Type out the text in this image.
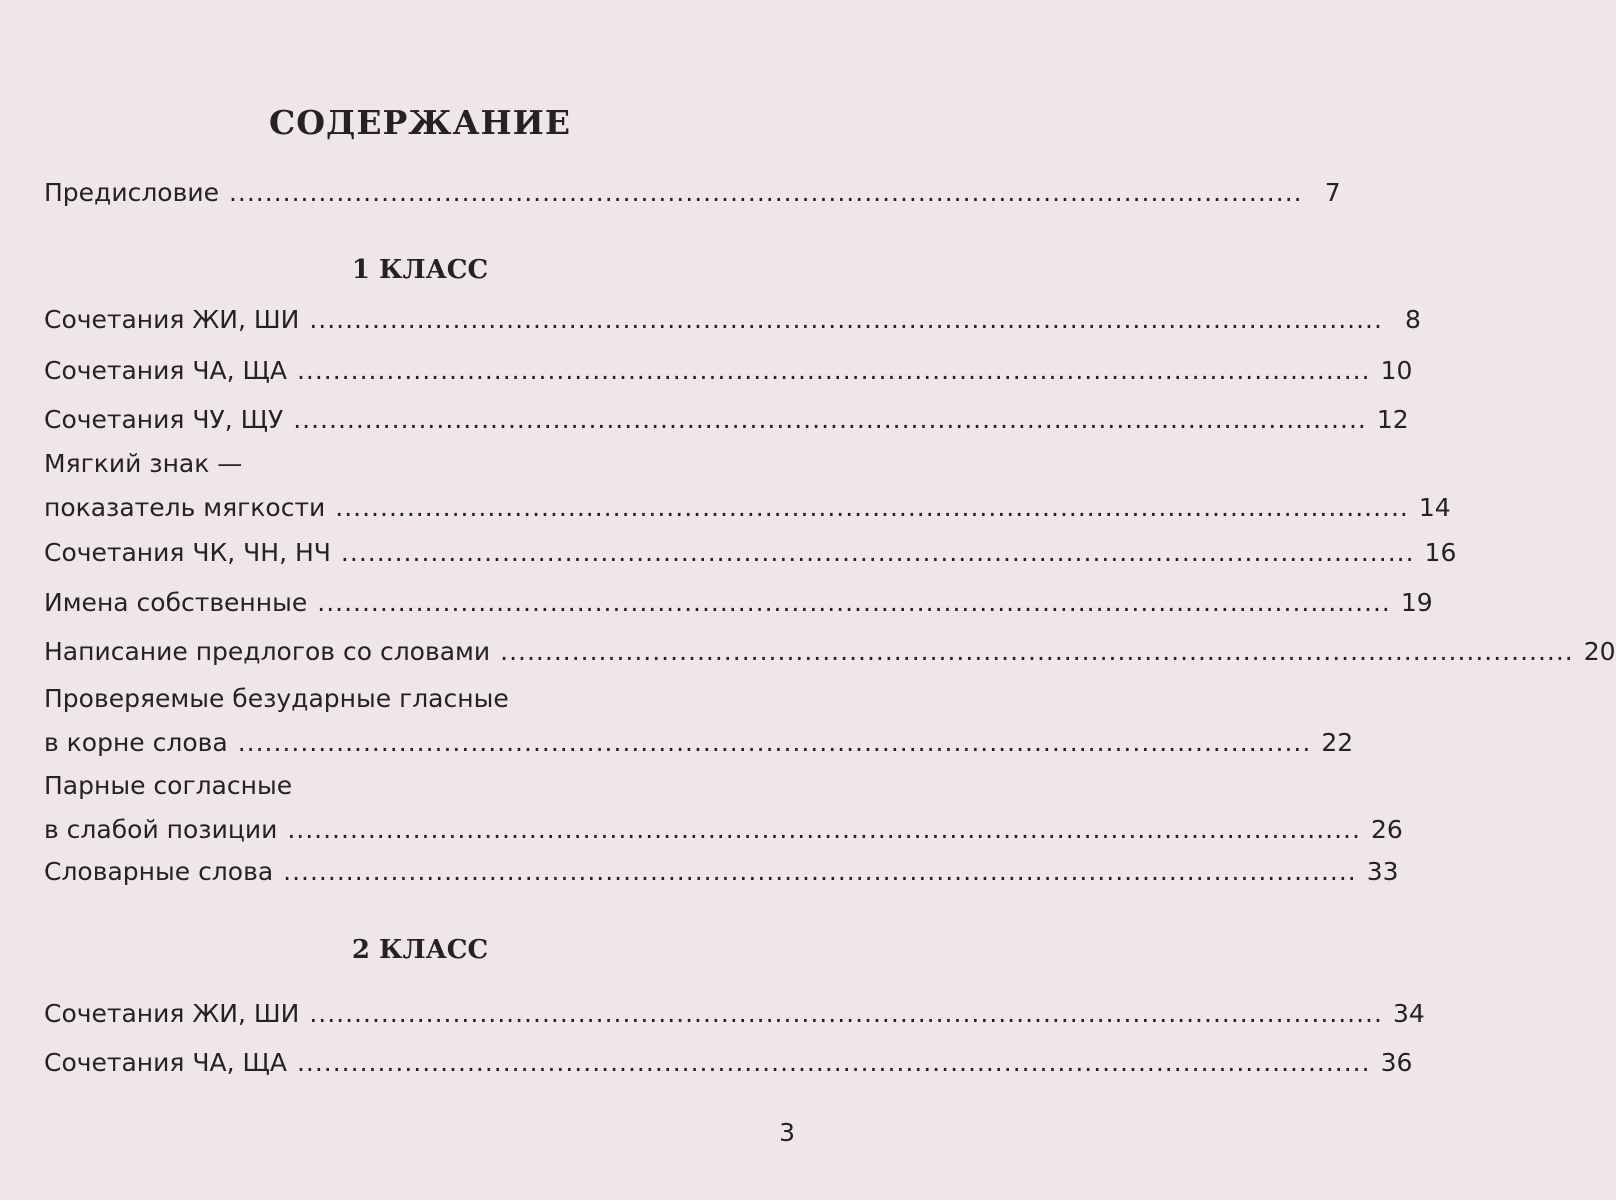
СОДЕРЖАНИЕ
Предисловие ........................................................................................................................ 7
1 КЛАСС
Сочетания ЖИ, ШИ ........................................................................................................................ 8
Сочетания ЧА, ЩА ........................................................................................................................ 10
Сочетания ЧУ, ЩУ ........................................................................................................................ 12
Мягкий знак —
показатель мягкости ........................................................................................................................ 14
Сочетания ЧК, ЧН, НЧ ........................................................................................................................ 16
Имена собственные ........................................................................................................................ 19
Написание предлогов со словами ........................................................................................................................ 20
Проверяемые безударные гласные
в корне слова ........................................................................................................................ 22
Парные согласные
в слабой позиции ........................................................................................................................ 26
Словарные слова ........................................................................................................................ 33
2 КЛАСС
Сочетания ЖИ, ШИ ........................................................................................................................ 34
Сочетания ЧА, ЩА ........................................................................................................................ 36
3
